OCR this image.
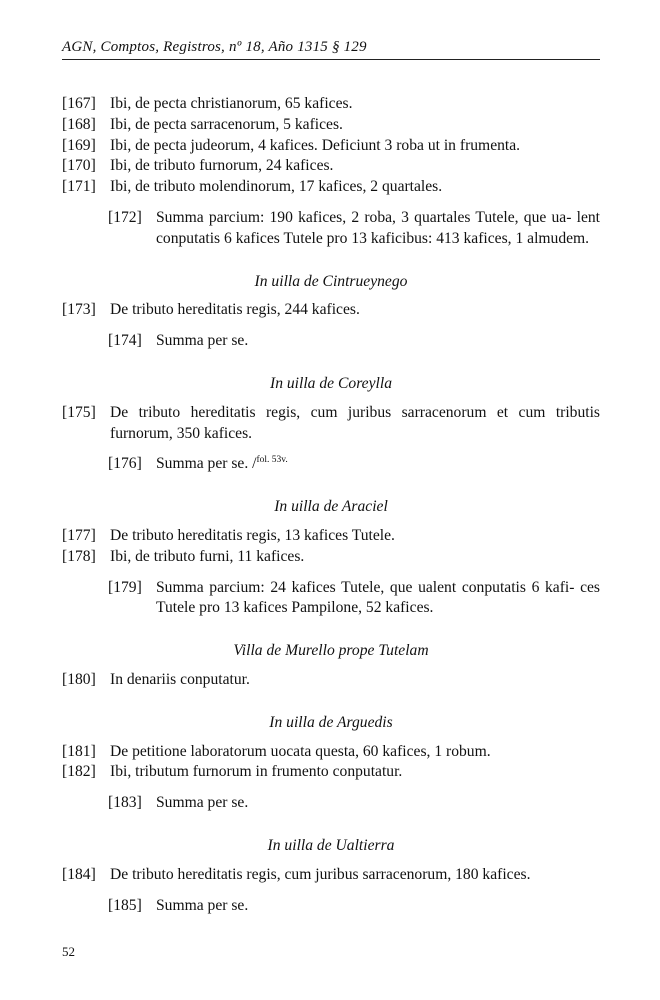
AGN, Comptos, Registros, nº 18, Año 1315 § 129
[167] Ibi, de pecta christianorum, 65 kafices.
[168] Ibi, de pecta sarracenorum, 5 kafices.
[169] Ibi, de pecta judeorum, 4 kafices. Deficiunt 3 roba ut in frumenta.
[170] Ibi, de tributo furnorum, 24 kafices.
[171] Ibi, de tributo molendinorum, 17 kafices, 2 quartales.
[172] Summa parcium: 190 kafices, 2 roba, 3 quartales Tutele, que ua- lent conputatis 6 kafices Tutele pro 13 kaficibus: 413 kafices, 1 almudem.
In uilla de Cintrueynego
[173] De tributo hereditatis regis, 244 kafices.
[174] Summa per se.
In uilla de Coreylla
[175] De tributo hereditatis regis, cum juribus sarracenorum et cum tributis furnorum, 350 kafices.
[176] Summa per se. /$^{fol. 53v.}$
In uilla de Araciel
[177] De tributo hereditatis regis, 13 kafices Tutele.
[178] Ibi, de tributo furni, 11 kafices.
[179] Summa parcium: 24 kafices Tutele, que ualent conputatis 6 kafi- ces Tutele pro 13 kafices Pampilone, 52 kafices.
Villa de Murello prope Tutelam
[180] In denariis conputatur.
In uilla de Arguedis
[181] De petitione laboratorum uocata questa, 60 kafices, 1 robum.
[182] Ibi, tributum furnorum in frumento conputatur.
[183] Summa per se.
In uilla de Ualtierra
[184] De tributo hereditatis regis, cum juribus sarracenorum, 180 kafices.
[185] Summa per se.
52
